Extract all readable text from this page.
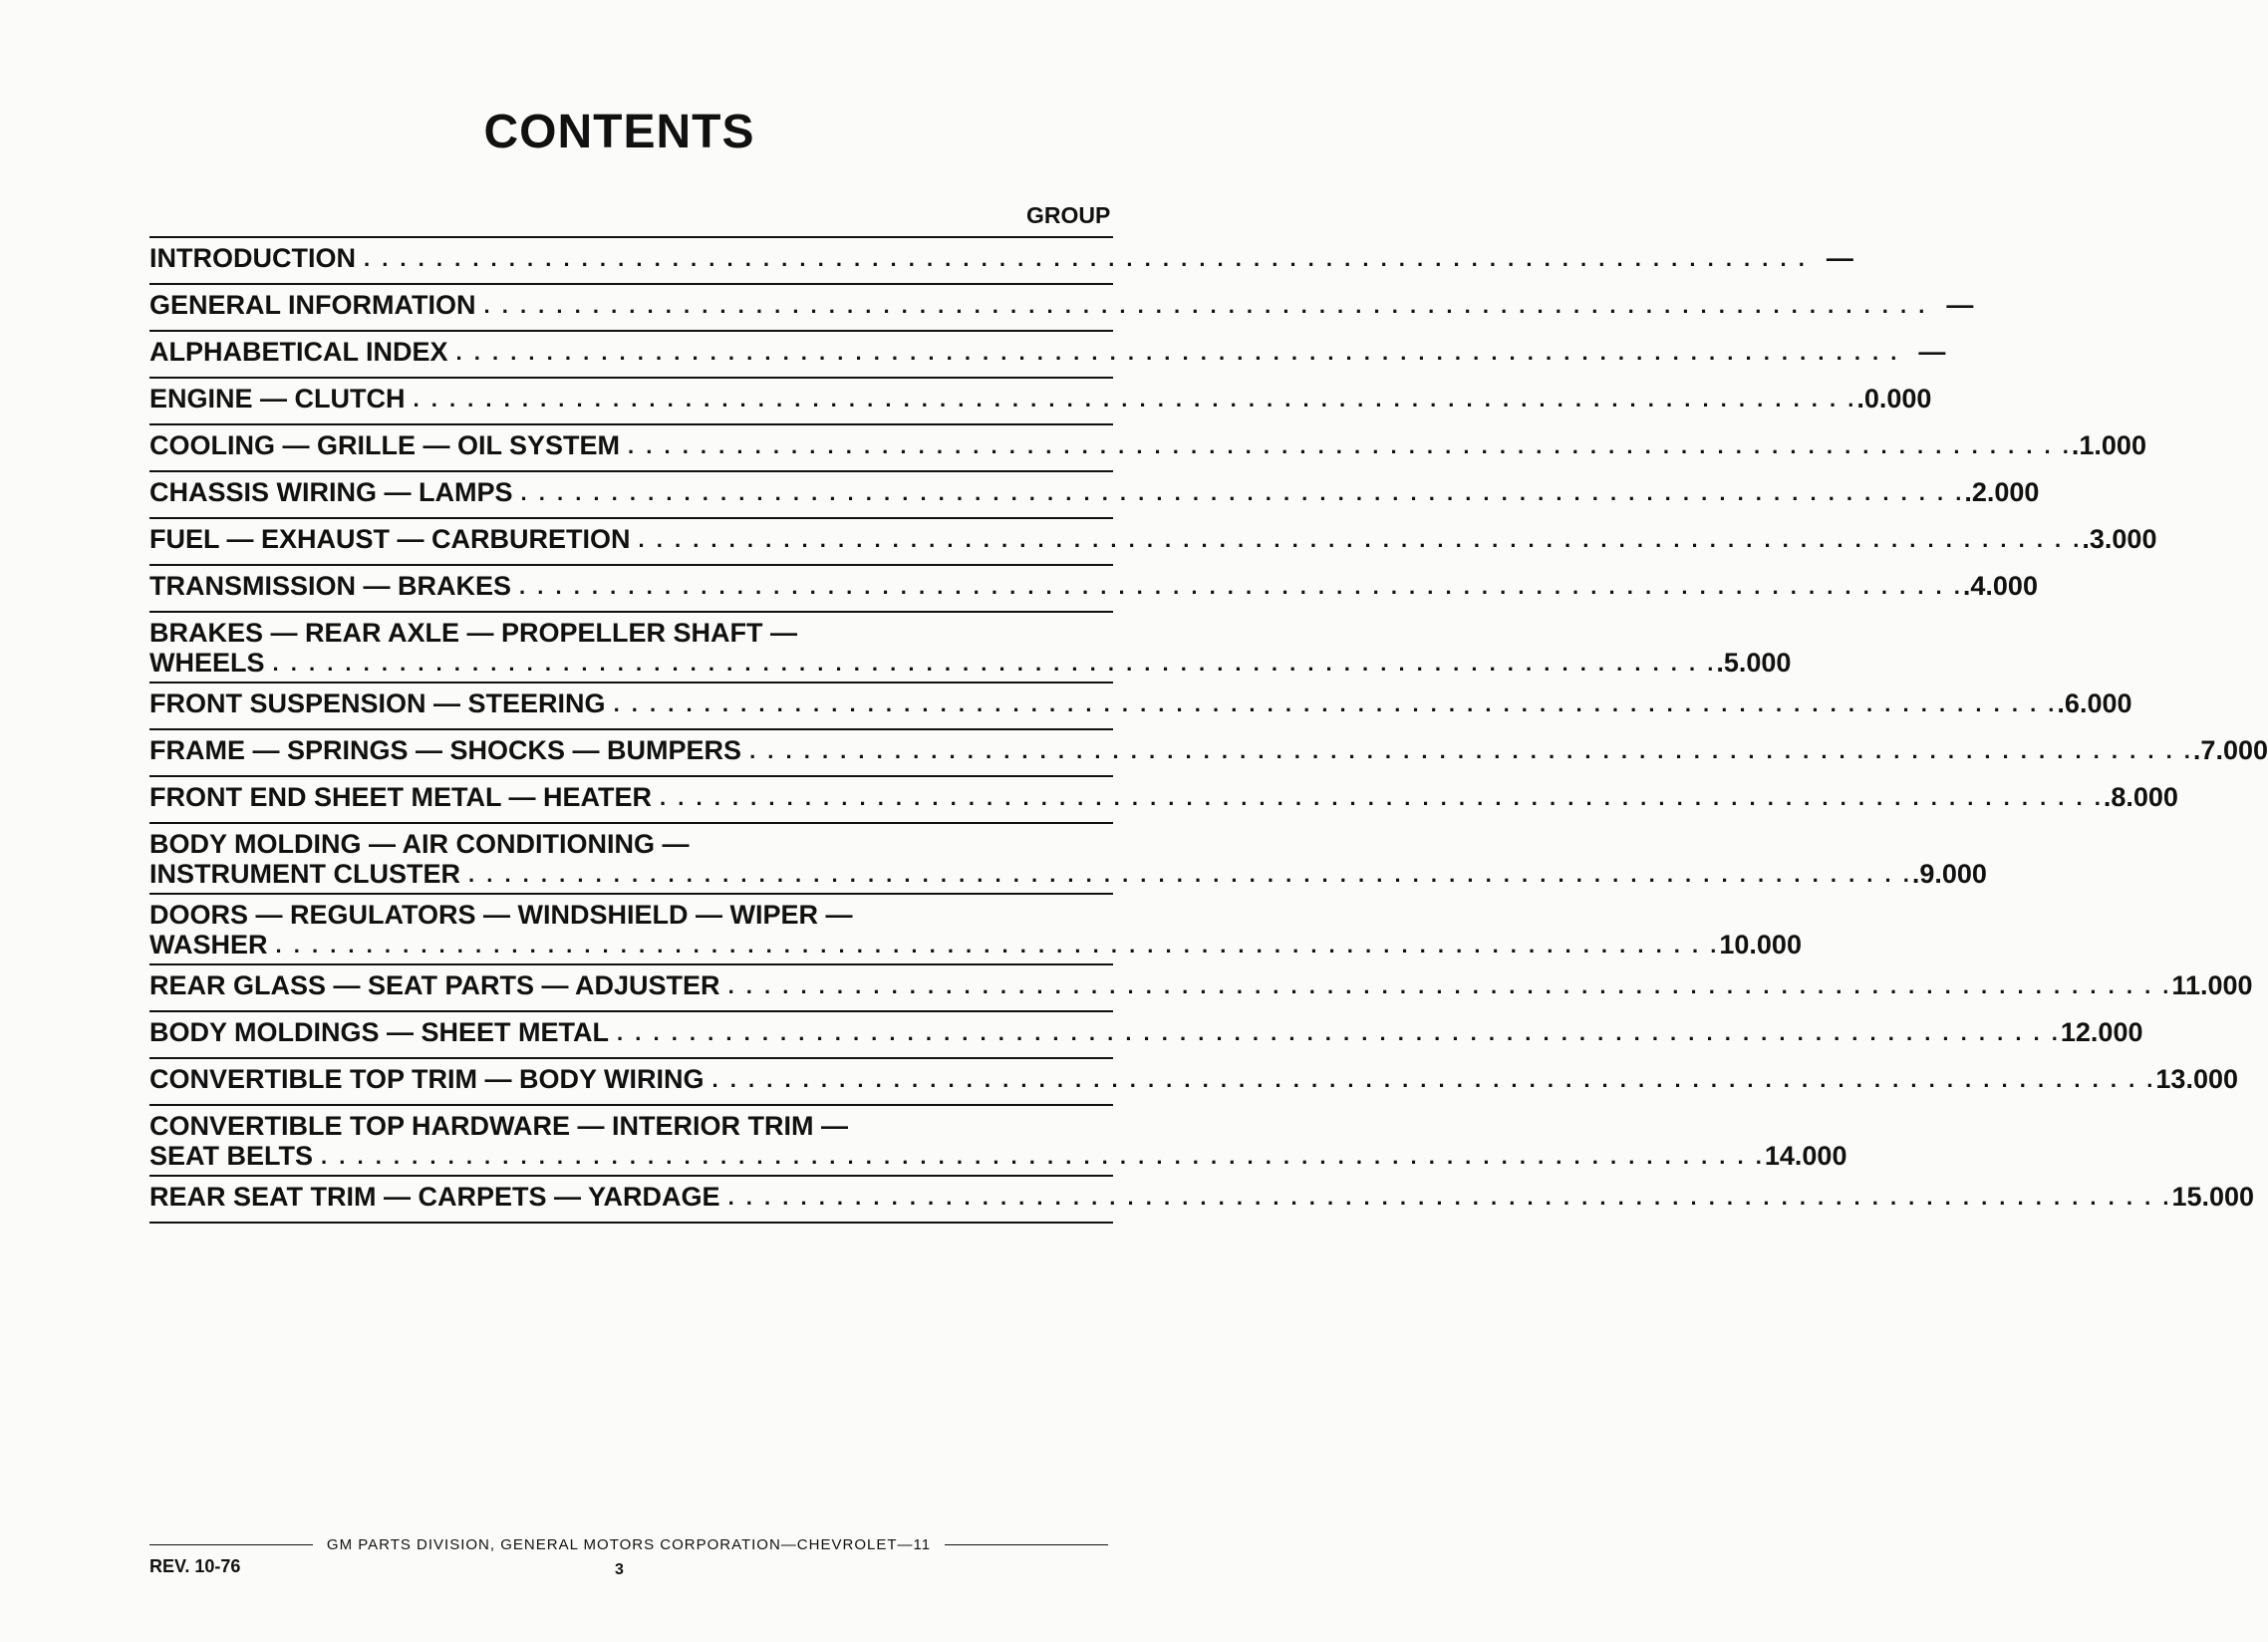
CONTENTS
GROUP
INTRODUCTION . . . . . . . . . . . . . . . . . . . . . . . . . . . . . . . . . . . . . . . . . . . . . . . . . . . . . . . . . . . . . . . . . . . . . . . . . . . . . . . . —
GENERAL INFORMATION . . . . . . . . . . . . . . . . . . . . . . . . . . . . . . . . . . . . . . . . . . . . . . . . . . . . . . . . . . . . . . . . . . . . . . . . . . . . . . . . —
ALPHABETICAL INDEX . . . . . . . . . . . . . . . . . . . . . . . . . . . . . . . . . . . . . . . . . . . . . . . . . . . . . . . . . . . . . . . . . . . . . . . . . . . . . . . . —
ENGINE — CLUTCH . . . . . . . . . . . . . . . . . . . . . . . . . . . . . . . . . . . . . . . . . . . . . . . . . . . . . . . . . . . . . . . . . . . . . . . . . . . . . . . . .0.000
COOLING — GRILLE — OIL SYSTEM . . . . . . . . . . . . . . . . . . . . . . . . . . . . . . . . . . . . . . . . . . . . . . . . . . . . . . . . . . . . . . . . . . . . . . . . . . . . . . . . .1.000
CHASSIS WIRING — LAMPS . . . . . . . . . . . . . . . . . . . . . . . . . . . . . . . . . . . . . . . . . . . . . . . . . . . . . . . . . . . . . . . . . . . . . . . . . . . . . . . . .2.000
FUEL — EXHAUST — CARBURETION . . . . . . . . . . . . . . . . . . . . . . . . . . . . . . . . . . . . . . . . . . . . . . . . . . . . . . . . . . . . . . . . . . . . . . . . . . . . . . . . .3.000
TRANSMISSION — BRAKES . . . . . . . . . . . . . . . . . . . . . . . . . . . . . . . . . . . . . . . . . . . . . . . . . . . . . . . . . . . . . . . . . . . . . . . . . . . . . . . . .4.000
BRAKES — REAR AXLE — PROPELLER SHAFT —
WHEELS . . . . . . . . . . . . . . . . . . . . . . . . . . . . . . . . . . . . . . . . . . . . . . . . . . . . . . . . . . . . . . . . . . . . . . . . . . . . . . . . .5.000
FRONT SUSPENSION — STEERING . . . . . . . . . . . . . . . . . . . . . . . . . . . . . . . . . . . . . . . . . . . . . . . . . . . . . . . . . . . . . . . . . . . . . . . . . . . . . . . . .6.000
FRAME — SPRINGS — SHOCKS — BUMPERS . . . . . . . . . . . . . . . . . . . . . . . . . . . . . . . . . . . . . . . . . . . . . . . . . . . . . . . . . . . . . . . . . . . . . . . . . . . . . . . . .7.000
FRONT END SHEET METAL — HEATER . . . . . . . . . . . . . . . . . . . . . . . . . . . . . . . . . . . . . . . . . . . . . . . . . . . . . . . . . . . . . . . . . . . . . . . . . . . . . . . . .8.000
BODY MOLDING — AIR CONDITIONING —
INSTRUMENT CLUSTER . . . . . . . . . . . . . . . . . . . . . . . . . . . . . . . . . . . . . . . . . . . . . . . . . . . . . . . . . . . . . . . . . . . . . . . . . . . . . . . . .9.000
DOORS — REGULATORS — WINDSHIELD — WIPER —
WASHER . . . . . . . . . . . . . . . . . . . . . . . . . . . . . . . . . . . . . . . . . . . . . . . . . . . . . . . . . . . . . . . . . . . . . . . . . . . . . . . . 10.000
REAR GLASS — SEAT PARTS — ADJUSTER . . . . . . . . . . . . . . . . . . . . . . . . . . . . . . . . . . . . . . . . . . . . . . . . . . . . . . . . . . . . . . . . . . . . . . . . . . . . . . . . 11.000
BODY MOLDINGS — SHEET METAL . . . . . . . . . . . . . . . . . . . . . . . . . . . . . . . . . . . . . . . . . . . . . . . . . . . . . . . . . . . . . . . . . . . . . . . . . . . . . . . . 12.000
CONVERTIBLE TOP TRIM — BODY WIRING . . . . . . . . . . . . . . . . . . . . . . . . . . . . . . . . . . . . . . . . . . . . . . . . . . . . . . . . . . . . . . . . . . . . . . . . . . . . . . . . 13.000
CONVERTIBLE TOP HARDWARE — INTERIOR TRIM —
SEAT BELTS . . . . . . . . . . . . . . . . . . . . . . . . . . . . . . . . . . . . . . . . . . . . . . . . . . . . . . . . . . . . . . . . . . . . . . . . . . . . . . . . 14.000
REAR SEAT TRIM — CARPETS — YARDAGE . . . . . . . . . . . . . . . . . . . . . . . . . . . . . . . . . . . . . . . . . . . . . . . . . . . . . . . . . . . . . . . . . . . . . . . . . . . . . . . . 15.000
GM PARTS DIVISION, GENERAL MOTORS CORPORATION—CHEVROLET—11
REV. 10-76	3
